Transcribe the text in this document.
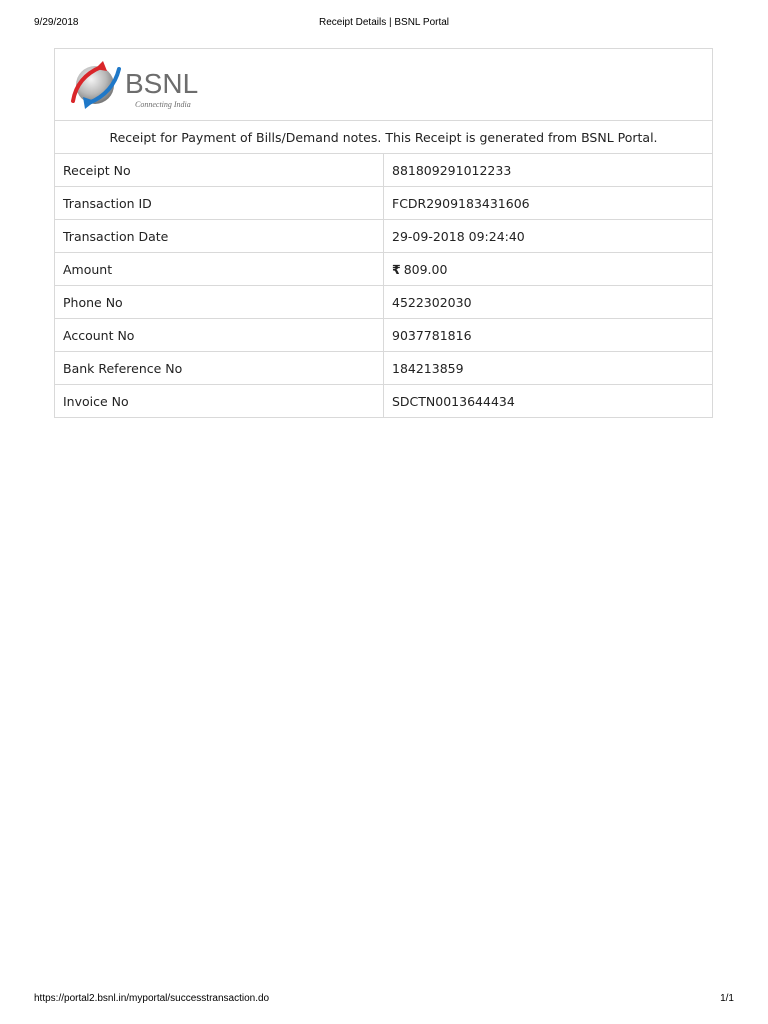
9/29/2018	Receipt Details | BSNL Portal
BSNL
Connecting India	

Receipt for Payment of Bills/Demand notes. This Receipt is generated from BSNL Portal.	
Receipt No	881809291012233
Transaction ID	FCDR2909183431606
Transaction Date	29-09-2018 09:24:40
Amount	₹ 809.00
Phone No	4522302030
Account No	9037781816
Bank Reference No	184213859
Invoice No	SDCTN0013644434
https://portal2.bsnl.in/myportal/successtransaction.do	1/1
